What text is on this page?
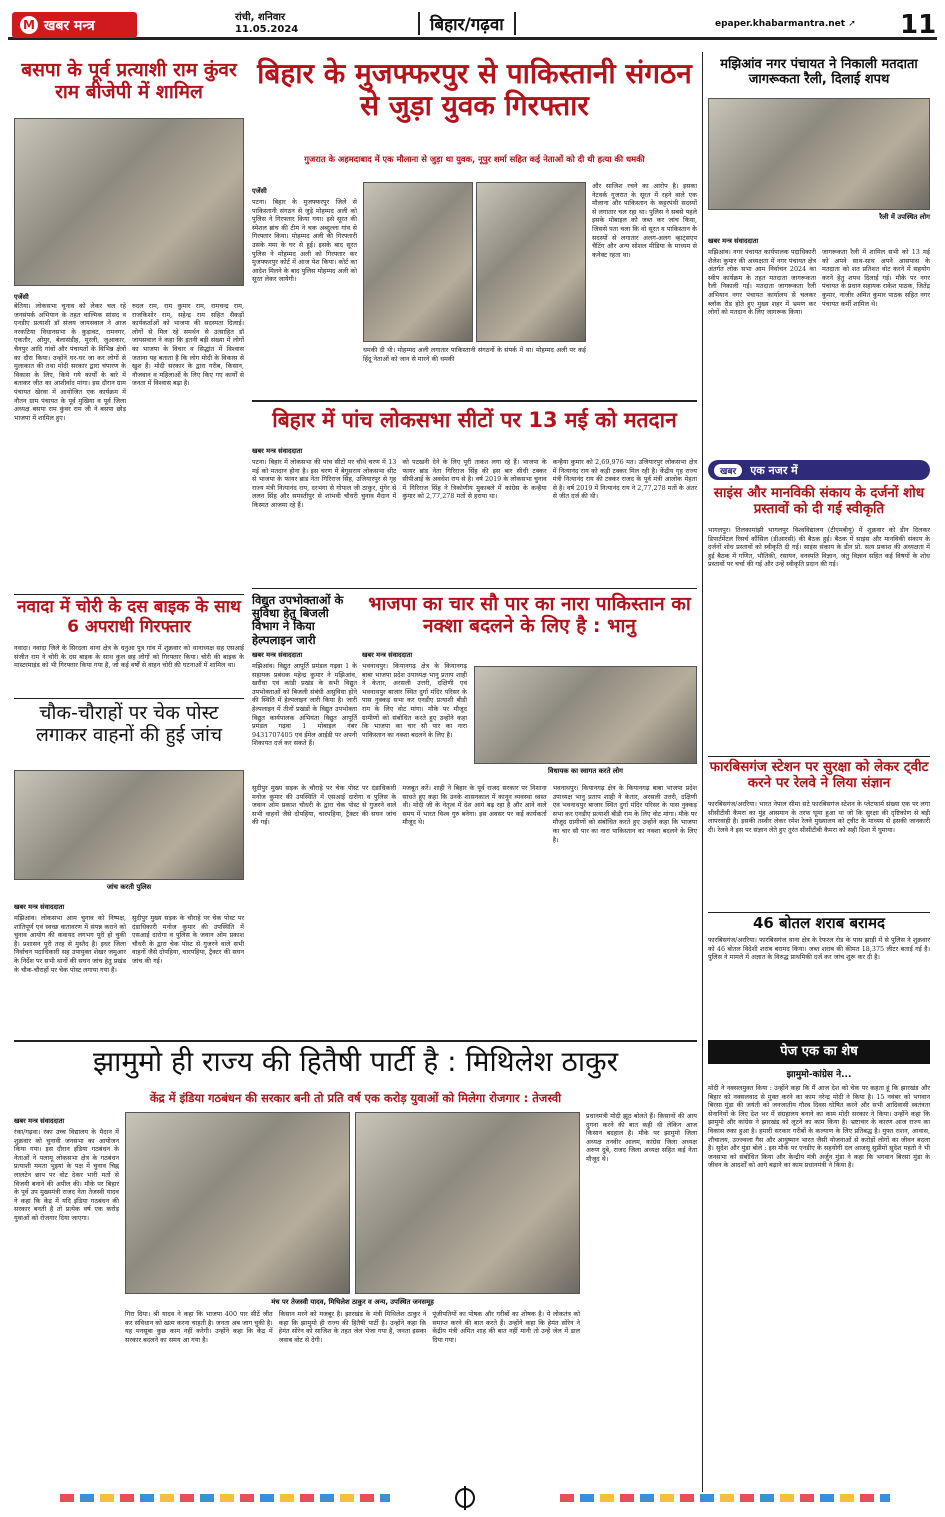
M खबर मन्त्र	रांची, शनिवार
11.05.2024	बिहार/गढ़वा	epaper.khabarmantra.net ➚ 11
बसपा के पूर्व प्रत्याशी राम कुंवर राम बीजेपी में शामिल
एजेंसी
बेतिया। लोकसभा चुनाव को लेकर चल रहे जनसंपर्क अभियान के तहत वाल्मिक सांसद व एनडीए प्रत्याशी डॉ संजय जायसवाल ने आज नरकटिया विधानसभा के कुड़ावट, रामनगर, एकतौर, ओमुर, बेलासंडीह, मुरली, जुआकार, चैनपुर आदि गांवों और पंचायतों के विभिन्न क्षेत्रों का दौरा किया। उन्होंने घर-घर जा कर लोगों से मुलाकात की तथा मोदी सरकार द्वारा चंपारण के विकास के लिए, किये गये कार्यों के बारे में बताकर जीत का आशीर्वाद मांगा। इस दौरान ग्राम पंचायत खेरवा में आयोजित एक कार्यक्रम में नौतन ग्राम पंचायत के पूर्व मुखिया व पूर्व जिला अध्यक्ष बसपा राम कुंवर राम जी ने बसपा छोड़ भाजपा में शामिल हुए।
रुदल राम, राम कुमार राम, रामचन्द्र राम, राजकिशोर राम, सहेन्द्र राम सहित सैकड़ों कार्यकर्ताओं को भाजपा की सदस्यता दिलाई। लोगों से मिल रहे समर्थन से उत्साहित डॉ जायसवाल ने कहा कि इतनी बड़ी संख्या में लोगों का भाजपा के विचार व सिद्धांत में विश्वास जताना यह बताता है कि लोग मोदी के विकास से खुश हैं। मोदी सरकार के द्वारा गरीब, किसान, नौजवान व महिलाओं के लिए किए गए कार्यों से जनता में विश्वास बढ़ा है।
नवादा में चोरी के दस बाइक के साथ 6 अपराधी गिरफ्तार
नवादा। नवादा जिले के सिरदला थाना क्षेत्र के धनुआ पुत्र गांव में शुक्रवार को थानाध्यक्ष सह एसआई संजीत राम ने चोरी के दस बाइक के साथ कुल छह लोगों को गिरफ्तार किया। चोरी की बाइक के मास्टरमाइंड को भी गिरफ्तार किया गया है, जो कई वर्षों से वाहन चोरी की घटनाओं में शामिल था।
चौक-चौराहों पर चेक पोस्ट लगाकर वाहनों की हुई जांच
जांच करती पुलिस
खबर मन्त्र संवाददाता
मझिआंव। लोकसभा आम चुनाव को निष्पक्ष, शांतिपूर्ण एवं स्वच्छ वातावरण में संपन्न कराने को चुनाव आयोग की कवायद लगभग पूरी हो चुकी है। प्रशासन पूरी तरह से मुस्तैद है। इधर जिला निर्वाचन पदाधिकारी सह उपायुक्त शेखर जमुआर के निर्देश पर सभी थानों की सघन जांच हेतु प्रखंड के चौक-चौराहों पर चेक पोस्ट लगाया गया है।
सुदीपुर मुख्य सड़क के चौराहे पर चेक पोस्ट पर दंडाधिकारी मनोज कुमार की उपस्थिति में एसआई दारोगा व पुलिस के जवान ओम प्रकाश चौधरी के द्वारा चेक पोस्ट से गुजरने वाले सभी वाहनों जैसे दोपहिया, चारपहिया, ट्रैक्टर की सघन जांच की गई।
बिहार के मुजफ्फरपुर से पाकिस्तानी संगठन से जुड़ा युवक गिरफ्तार
गुजरात के अहमदाबाद में एक मौलाना से जुड़ा था युवक, नूपुर शर्मा सहित कई नेताओं को दी थी हत्या की धमकी
एजेंसी
पटना। बिहार के मुजफ्फरपुर जिले से पाकिस्तानी संगठन से जुड़े मोहम्मद अली को पुलिस ने गिरफ्तार किया गया। इसे सूरत की स्पेशल ब्रांच की टीम ने चक अब्दुल्ला गांव से गिरफ्तार किया। मोहम्मद अली की गिरफ्तारी उसके ममा के घर से हुई। इसके बाद सूरत पुलिस ने मोहम्मद अली को गिरफ्तार कर मुजफ्फरपुर कोर्ट में आज पेश किया। कोर्ट का आदेश मिलने के बाद पुलिस मोहम्मद अली को सूरत लेकर जायेगी।
धमकी दी थी। मोहम्मद अली लगातार पाकिस्तानी संगठनों के संपर्क में था। मोहम्मद अली पर कई हिंदू नेताओं को जान से मारने की धमकी
और साजिश रचने का आरोप है। इसका नेटवर्क गुजरात के सूरत में रहने वाले एक मौलाना और पाकिस्तान के कट्टरपंथी सदस्यों से लगातार चल रहा था। पुलिस ने सबसे पहले इसके मोबाइल को जब्त कर जांच किया, जिससे पता चला कि वो सूरत व पाकिस्तान के सदस्यों से लगातार अलग-अलग व्हाट्सएप चैटिंग और अन्य सोशल मीडिया के माध्यम से कनेक्ट रहता था।
बिहार में पांच लोकसभा सीटों पर 13 मई को मतदान
खबर मन्त्र संवाददाता
पटना। बिहार में लोकसभा की पांच सीटों पर चौथे चरण में 13 मई को मतदान होना है। इस चरण में बेगूसराय लोकसभा सीट से भाजपा के फायर ब्रांड नेता गिरिराज सिंह, उजियारपुर से गृह राज्य मंत्री नित्यानंद राय, दरभंगा से गोपाल जी ठाकुर, मुंगेर से ललन सिंह और समस्तीपुर से शांभवी चौधरी चुनाव मैदान में किस्मत आजमा रहे हैं।
को पटखनी देने के लिए पूरी ताकत लगा रहे हैं। भाजपा के फायर ब्रांड नेता गिरिराज सिंह की इस बार सीधी टक्कर सीपीआई के अवधेश राय से है। वर्ष 2019 के लोकसभा चुनाव में गिरिराज सिंह ने त्रिकोणीय मुकाबले में कांग्रेस के कन्हैया कुमार को 2,77,278 मतों से हराया था।
कन्हैया कुमार को 2,69,976 मत। उजियारपुर लोकसभा क्षेत्र में नित्यानंद राय को कड़ी टक्कर मिल रही है। केंद्रीय गृह राज्य मंत्री नित्यानंद राय की टक्कर राजद के पूर्व मंत्री आलोक मेहता से है। वर्ष 2019 में नित्यानंद राय ने 2,77,278 मतों के अंतर से जीत दर्ज की थी।
विद्युत उपभोक्ताओं के सुविधा हेतु बिजली विभाग ने किया हेल्पलाइन जारी
खबर मन्त्र संवाददाता
मझिआंव। विद्युत आपूर्ति प्रमंडल गढ़वा 1 के सहायक प्रबंधक महेन्द्र कुमार ने मझिआंव, खरौंधा एवं कांडी प्रखंड के सभी विद्युत उपभोक्ताओं को बिजली संबंधी असुविधा होने की स्थिति में हेल्पलाइन जारी किया है। जारी हेल्पलाइन में तीनों प्रखंडों के विद्युत उपभोक्ता विद्युत कार्यपालक अभियंता विद्युत आपूर्ति प्रमंडल गढ़वा 1 मोबाइल नंबर 9431707405 एवं ईमेल आईडी पर अपनी शिकायत दर्ज कर सकते हैं।
भाजपा का चार सौ पार का नारा पाकिस्तान का नक्शा बदलने के लिए है : भानु
खबर मन्त्र संवाददाता
भवनाथपुर। कियानगढ़ क्षेत्र के कियानगढ़ बाबा भाजपा प्रदेश उपाध्यक्ष भानु प्रताप शाही ने केतार, अरसली उत्तरी, दक्षिणी एवं भवनाथपुर बाजार स्थित दुर्गा मंदिर परिसर के पास नुक्कड़ सभा कर एनडीए प्रत्याशी बीडी राम के लिए वोट मांगा। मौके पर मौजूद ग्रामीणों को संबोधित करते हुए उन्होंने कहा कि भाजपा का चार सौ पार का नारा पाकिस्तान का नक्शा बदलने के लिए है।
विधायक का स्वागत करते लोग
सुदीपुर मुख्य सड़क के चौराहे पर चेक पोस्ट पर दंडाधिकारी मनोज कुमार की उपस्थिति में एसआई दारोगा व पुलिस के जवान ओम प्रकाश चौधरी के द्वारा चेक पोस्ट से गुजरने वाले सभी वाहनों जैसे दोपहिया, चारपहिया, ट्रैक्टर की सघन जांच की गई।
मजबूत करें। शाही ने बिहार के पूर्व राजद सरकार पर निशाना साधते हुए कहा कि उनके शासनकाल में कानून व्यवस्था ध्वस्त थी। मोदी जी के नेतृत्व में देश आगे बढ़ रहा है और आने वाले समय में भारत विश्व गुरु बनेगा। इस अवसर पर कई कार्यकर्ता मौजूद थे।
भवनाथपुर। कियानगढ़ क्षेत्र के कियानगढ़ बाबा भाजपा प्रदेश उपाध्यक्ष भानु प्रताप शाही ने केतार, अरसली उत्तरी, दक्षिणी एवं भवनाथपुर बाजार स्थित दुर्गा मंदिर परिसर के पास नुक्कड़ सभा कर एनडीए प्रत्याशी बीडी राम के लिए वोट मांगा। मौके पर मौजूद ग्रामीणों को संबोधित करते हुए उन्होंने कहा कि भाजपा का चार सौ पार का नारा पाकिस्तान का नक्शा बदलने के लिए है।
झामुमो ही राज्य की हितैषी पार्टी है : मिथिलेश ठाकुर
केंद्र में इंडिया गठबंधन की सरकार बनी तो प्रति वर्ष एक करोड़ युवाओं को मिलेगा रोजगार : तेजस्वी
खबर मन्त्र संवाददाता
रंका/गढ़वा। रंका उच्च विद्यालय के मैदान में शुक्रवार को चुनावी जनसभा का आयोजन किया गया। इस दौरान इंडिया गठबंधन के नेताओं ने पलामू लोकसभा क्षेत्र के गठबंधन प्रत्याशी ममता भुइयां के पक्ष में चुनाव चिह्न लालटेन छाप पर वोट देकर भारी मतों से विजयी बनाने की अपील की। मौके पर बिहार के पूर्व उप मुख्यमंत्री राजद नेता तेजस्वी यादव ने कहा कि केंद्र में यदि इंडिया गठबंधन की सरकार बनती है तो प्रत्येक वर्ष एक करोड़ युवाओं को रोजगार दिया जाएगा।
मंच पर तेजस्वी यादव, मिथिलेश ठाकुर व अन्य, उपस्थित जनसमूह
प्रधानमंत्री मोदी झूठ बोलते हैं। किसानों की आय दुगना करने की बात कही थी लेकिन आज किसान बदहाल है। मौके पर झामुमो जिला अध्यक्ष तनवीर आलम, कांग्रेस जिला अध्यक्ष अरुण दुबे, राजद जिला अध्यक्ष सहित कई नेता मौजूद थे।
गिरा दिया। श्री यादव ने कहा कि भाजपा 400 पार सीटें जीत कर संविधान को खत्म करना चाहती है। जनता अब जाग चुकी है। यह मनसूबा कुछ काम नहीं करेगी। उन्होंने कहा कि केंद्र में सरकार बदलने का समय आ गया है।
किसान मरने को मजबूर है। झारखंड के मंत्री मिथिलेश ठाकुर ने कहा कि झामुमो ही राज्य की हितैषी पार्टी है। उन्होंने कहा कि हेमंत सोरेन को साजिश के तहत जेल भेजा गया है, जनता इसका जवाब वोट से देगी।
पूंजीपतियों का पोषक और गरीबों का शोषक है। ये लोकतंत्र को समाप्त करने की बात करते हैं। उन्होंने कहा कि हेमंत सोरेन ने केंद्रीय मंत्री अमित शाह की बात नहीं मानी तो उन्हें जेल में डाल दिया गया।
मझिआंव नगर पंचायत ने निकाली मतदाता जागरूकता रैली, दिलाई शपथ
रैली में उपस्थित लोग
खबर मन्त्र संवाददाता
मझिआंव। नगर पंचायत कार्यपालक पदाधिकारी शैलेश कुमार की अध्यक्षता में नगर पंचायत क्षेत्र अंतर्गत लोक सभा आम निर्वाचन 2024 का स्वीप कार्यक्रम के तहत मतदाता जागरूकता रैली निकाली गई। मतदाता जागरूकता रैली अभियान नगर पंचायत कार्यालय से चलकर ब्लॉक रोड होते हुए मुख्य शहर में भ्रमण कर लोगों को मतदान के लिए जागरूक किया।
जागरूकता रैली में शामिल सभी को 13 मई को अपने साथ-साथ अपने आसपास के मतदाता को शत प्रतिशत वोट करने में सहयोग करने हेतु शपथ दिलाई गई। मौके पर नगर पंचायत के प्रधान सहायक राकेश पाठक, जितेंद्र कुमार, नाजीर अमित कुमार पाठक सहित नगर पंचायत कर्मी शामिल थे।
खबर	एक नजर में
साइंस और मानविकी संकाय के दर्जनों शोध प्रस्तावों को दी गई स्वीकृति
भागलपुर। तिलकामांझी भागलपुर विश्वविद्यालय (टीएमबीयू) में शुक्रवार को डीन दिलकर डिपार्टमेंटल रिसर्च कौंसिल (डीआरसी) की बैठक हुई। बैठक में साइंस और मानविकी संकाय के दर्जनों शोध प्रस्तावों को स्वीकृति दी गई। साइंस संकाय के डीन प्रो. सत्य प्रकाश की अध्यक्षता में हुई बैठक में गणित, भौतिकी, रसायन, वनस्पति विज्ञान, जंतु विज्ञान सहित कई विषयों के शोध प्रस्तावों पर चर्चा की गई और उन्हें स्वीकृति प्रदान की गई।
फारबिसगंज स्टेशन पर सुरक्षा को लेकर ट्वीट करने पर रेलवे ने लिया संज्ञान
फारबिसगंज/अररिया। भारत नेपाल सीमा सटे फारबिसगंज स्टेशन के प्लेटफार्म संख्या एक पर लगा सीसीटीवी कैमरा का मुंह आसमान के तरफ घूमा हुआ था जो कि सुरक्षा की दृष्टिकोण से बड़ी लापरवाही है। इसकी तस्वीर लेकर रमेश रेलवे मुख्यालय को ट्वीट के माध्यम से इसकी जानकारी दी। रेलवे ने इस पर संज्ञान लेते हुए तुरंत सीसीटीवी कैमरा को सही दिशा में घुमाया।
46 बोतल शराब बरामद
फारबिसगंज/अररिया। फारबिसगंज थाना क्षेत्र के रेफरल रोड के पास झाड़ी में से पुलिस ने शुक्रवार को 46 बोतल विदेशी शराब बरामद किया। जब्त शराब की कीमत 18,375 लीटर बताई गई है। पुलिस ने मामले में अज्ञात के विरुद्ध प्राथमिकी दर्ज कर जांच शुरू कर दी है।
पेज एक का शेष
झामुमो-कांग्रेस ने...
मोदी ने नक्सलमुक्त किया : उन्होंने कहा कि मैं आज देश को चेक पर कहता हूं कि झारखंड और बिहार को नक्सलवाद से मुक्त करने का काम नरेन्द्र मोदी ने किया है। 15 नवंबर को भगवान बिरसा मुंडा की जयंती को जनजातीय गौरव दिवस घोषित करने और सभी आदिवासी स्वतंत्रता सेनानियों के लिए देश भर में संग्रहालय बनाने का काम मोदी सरकार ने किया। उन्होंने कहा कि झामुमो और कांग्रेस ने झारखंड को लूटने का काम किया है। भ्रष्टाचार के कारण आज राज्य का विकास रुका हुआ है। हमारी सरकार गरीबों के कल्याण के लिए प्रतिबद्ध है। मुफ्त राशन, आवास, शौचालय, उज्ज्वला गैस और आयुष्मान भारत जैसी योजनाओं से करोड़ों लोगों का जीवन बदला है। सुदेश और मुंडा बोले : इस मौके पर एनडीए के सहयोगी दल आजसू सुप्रीमो सुदेश महतो ने भी जनसभा को संबोधित किया और केन्द्रीय मंत्री अर्जुन मुंडा ने कहा कि भगवान बिरसा मुंडा के जीवन के आदर्शों को आगे बढ़ाने का काम प्रधानमंत्री ने किया है।
